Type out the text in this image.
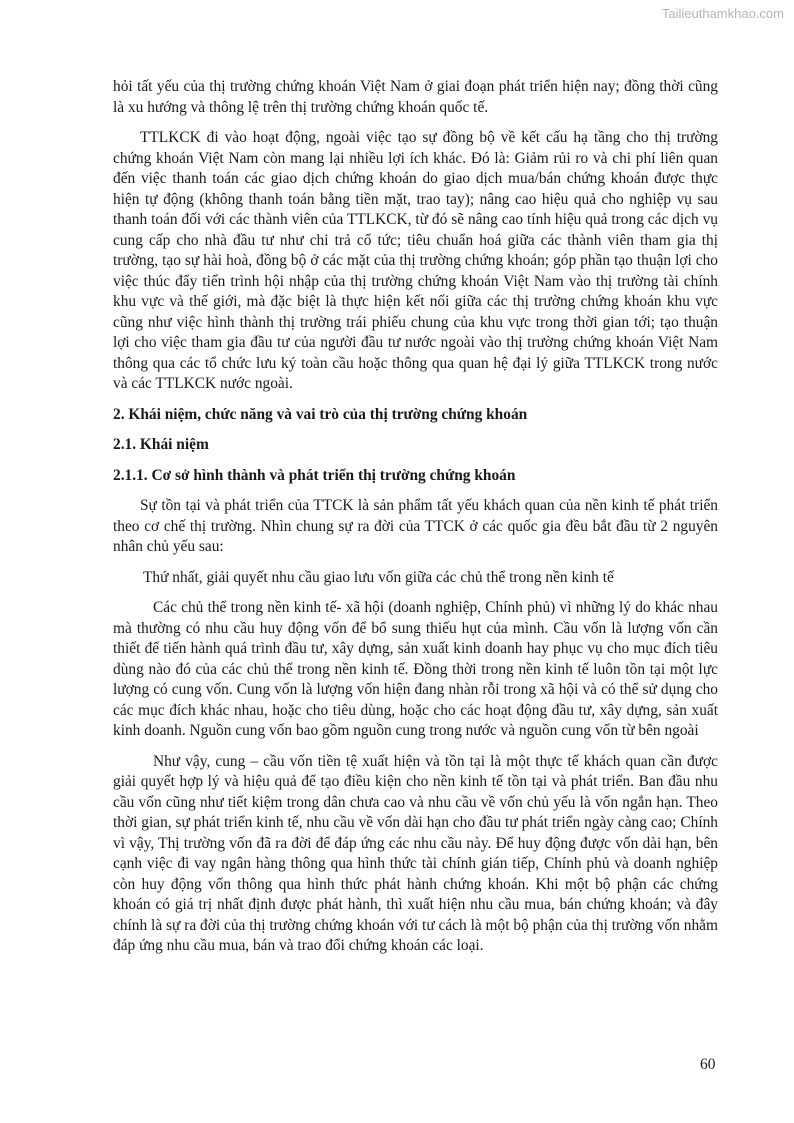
Tailieuthamkhao.com

hỏi tất yếu của thị trường chứng khoán Việt Nam ở giai đoạn phát triển hiện nay; đồng thời cũng là xu hướng và thông lệ trên thị trường chứng khoán quốc tế.

TTLKCK đi vào hoạt động, ngoài việc tạo sự đồng bộ về kết cấu hạ tầng cho thị trường chứng khoán Việt Nam còn mang lại nhiều lợi ích khác. Đó là: Giảm rủi ro và chi phí liên quan đến việc thanh toán các giao dịch chứng khoán do giao dịch mua/bán chứng khoán được thực hiện tự động (không thanh toán bằng tiền mặt, trao tay); nâng cao hiệu quả cho nghiệp vụ sau thanh toán đối với các thành viên của TTLKCK, từ đó sẽ nâng cao tính hiệu quả trong các dịch vụ cung cấp cho nhà đầu tư như chi trả cổ tức; tiêu chuẩn hoá giữa các thành viên tham gia thị trường, tạo sự hài hoà, đồng bộ ở các mặt của thị trường chứng khoán; góp phần tạo thuận lợi cho việc thúc đẩy tiến trình hội nhập của thị trường chứng khoán Việt Nam vào thị trường tài chính khu vực và thế giới, mà đặc biệt là thực hiện kết nối giữa các thị trường chứng khoán khu vực cũng như việc hình thành thị trường trái phiếu chung của khu vực trong thời gian tới; tạo thuận lợi cho việc tham gia đầu tư của người đầu tư nước ngoài vào thị trường chứng khoán Việt Nam thông qua các tổ chức lưu ký toàn cầu hoặc thông qua quan hệ đại lý giữa TTLKCK trong nước và các TTLKCK nước ngoài.

2. Khái niệm, chức năng và vai trò của thị trường chứng khoán
2.1. Khái niệm
2.1.1. Cơ sở hình thành và phát triển thị trường chứng khoán

Sự tồn tại và phát triển của TTCK là sản phẩm tất yếu khách quan của nền kinh tế phát triển theo cơ chế thị trường. Nhìn chung sự ra đời của TTCK ở các quốc gia đều bắt đầu từ 2 nguyên nhân chủ yếu sau:

Thứ nhất, giải quyết nhu cầu giao lưu vốn giữa các chủ thể trong nền kinh tế

Các chủ thể trong nền kinh tế- xã hội (doanh nghiệp, Chính phủ) vì những lý do khác nhau mà thường có nhu cầu huy động vốn để bổ sung thiếu hụt của mình. Cầu vốn là lượng vốn cần thiết để tiến hành quá trình đầu tư, xây dựng, sản xuất kinh doanh hay phục vụ cho mục đích tiêu dùng nào đó của các chủ thể trong nền kinh tế. Đồng thời trong nền kinh tế luôn tồn tại một lực lượng có cung vốn. Cung vốn là lượng vốn hiện đang nhàn rỗi trong xã hội và có thể sử dụng cho các mục đích khác nhau, hoặc cho tiêu dùng, hoặc cho các hoạt động đầu tư, xây dựng, sản xuất kinh doanh. Nguồn cung vốn bao gồm nguồn cung trong nước và nguồn cung vốn từ bên ngoài

Như vậy, cung – cầu vốn tiền tệ xuất hiện và tồn tại là một thực tế khách quan cần được giải quyết hợp lý và hiệu quả để tạo điều kiện cho nền kinh tế tồn tại và phát triển. Ban đầu nhu cầu vốn cũng như tiết kiệm trong dân chưa cao và nhu cầu về vốn chủ yếu là vốn ngắn hạn. Theo thời gian, sự phát triển kinh tế, nhu cầu về vốn dài hạn cho đầu tư phát triển ngày càng cao; Chính vì vậy, Thị trường vốn đã ra đời để đáp ứng các nhu cầu này. Để huy động được vốn dài hạn, bên cạnh việc đi vay ngân hàng thông qua hình thức tài chính gián tiếp, Chính phủ và doanh nghiệp còn huy động vốn thông qua hình thức phát hành chứng khoán. Khi một bộ phận các chứng khoán có giá trị nhất định được phát hành, thì xuất hiện nhu cầu mua, bán chứng khoán; và đây chính là sự ra đời của thị trường chứng khoán với tư cách là một bộ phận của thị trường vốn nhằm đáp ứng nhu cầu mua, bán và trao đổi chứng khoán các loại.

60
